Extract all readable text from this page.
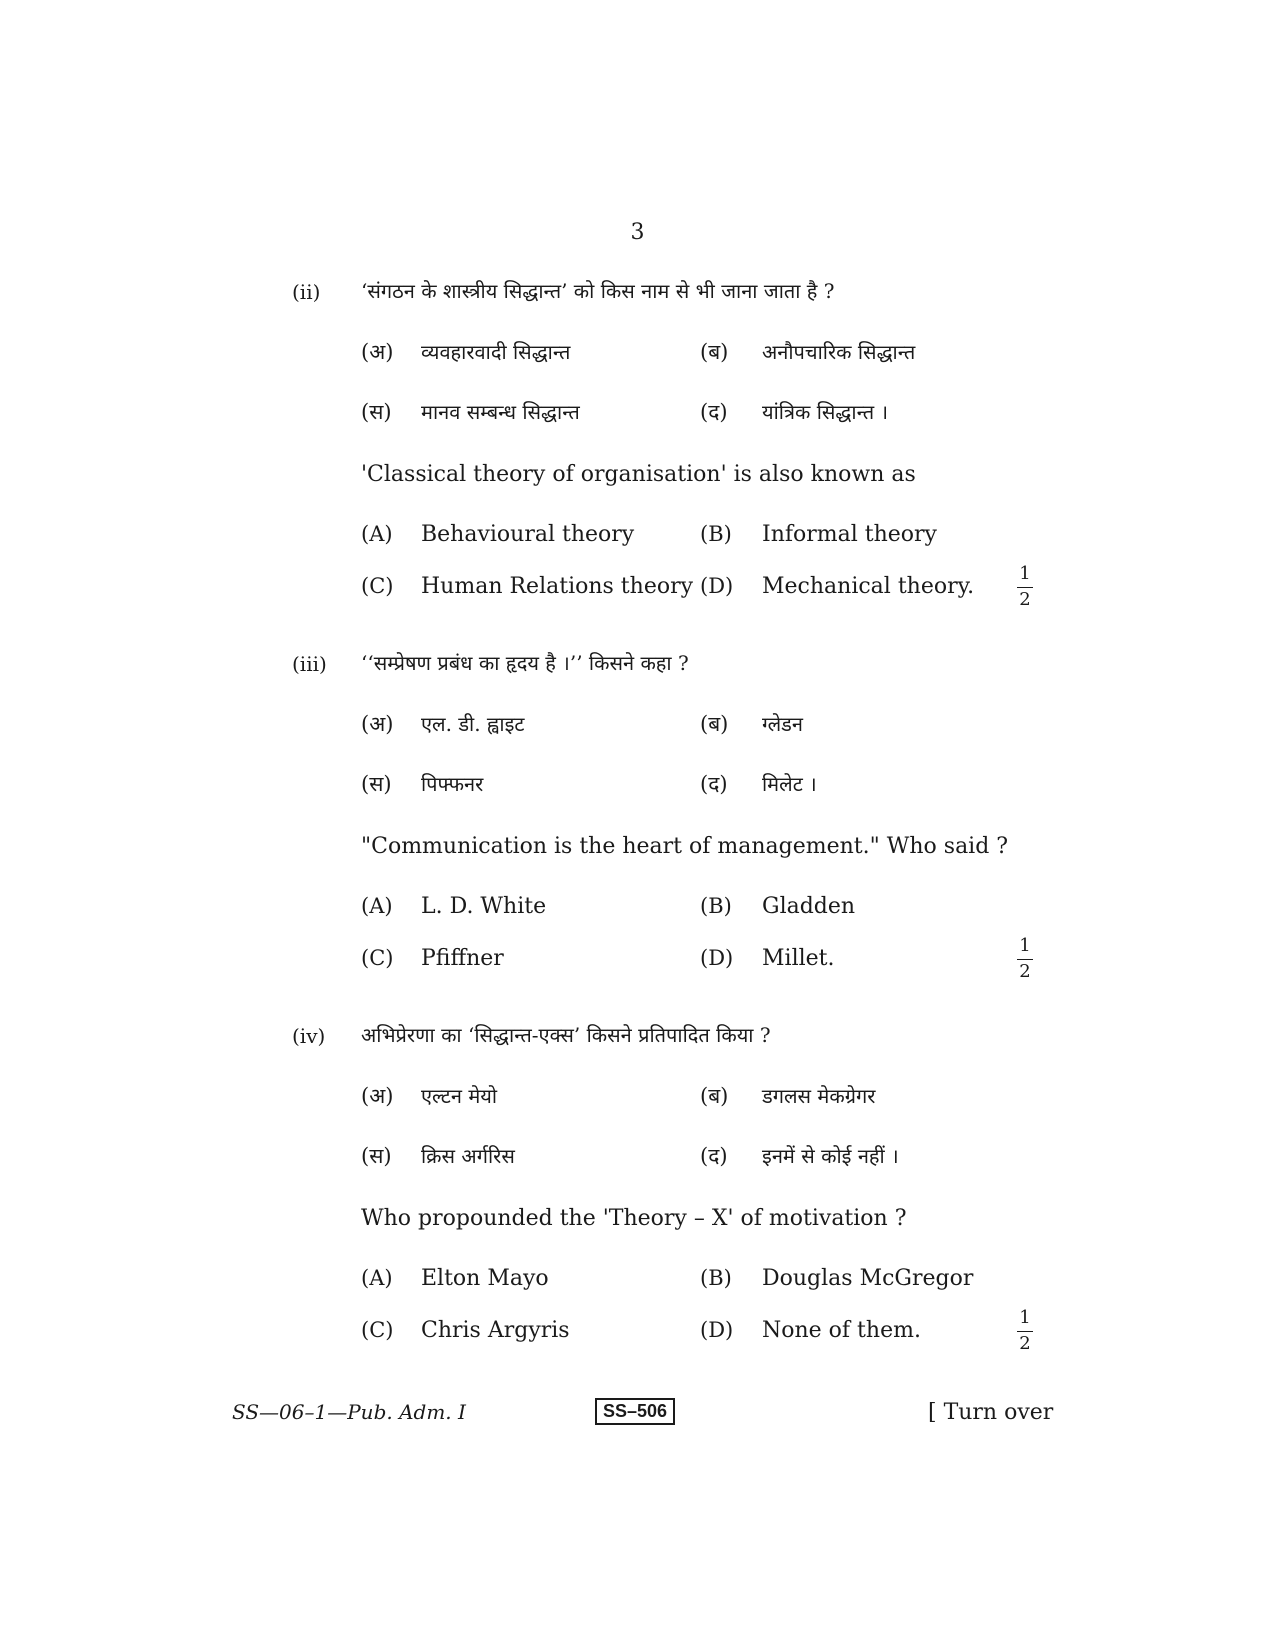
3
(ii) ‘संगठन के शास्त्रीय सिद्धान्त’ को किस नाम से भी जाना जाता है ?
(अ) व्यवहारवादी सिद्धान्त	(ब) अनौपचारिक सिद्धान्त
(स) मानव सम्बन्ध सिद्धान्त	(द) यांत्रिक सिद्धान्त ।
'Classical theory of organisation' is also known as
(A) Behavioural theory	(B) Informal theory
(C) Human Relations theory (D) Mechanical theory.
1
2
(iii) ‘‘सम्प्रेषण प्रबंध का हृदय है ।’’ किसने कहा ?
(अ) एल. डी. ह्वाइट	(ब) ग्लेडन
(स) पिफ्फनर	(द) मिलेट ।
"Communication is the heart of management." Who said ?
(A) L. D. White	(B) Gladden
(C) Pfiffner	(D) Millet.
1
2
(iv) अभिप्रेरणा का ‘सिद्धान्त-एक्स’ किसने प्रतिपादित किया ?
(अ) एल्टन मेयो	(ब) डगलस मेकग्रेगर
(स) क्रिस अर्गरिस	(द) इनमें से कोई नहीं ।
Who propounded the 'Theory – X' of motivation ?
(A) Elton Mayo	(B) Douglas McGregor
(C) Chris Argyris	(D) None of them.
1
2
SS—06–1—Pub. Adm. I	SS–506	[ Turn over
